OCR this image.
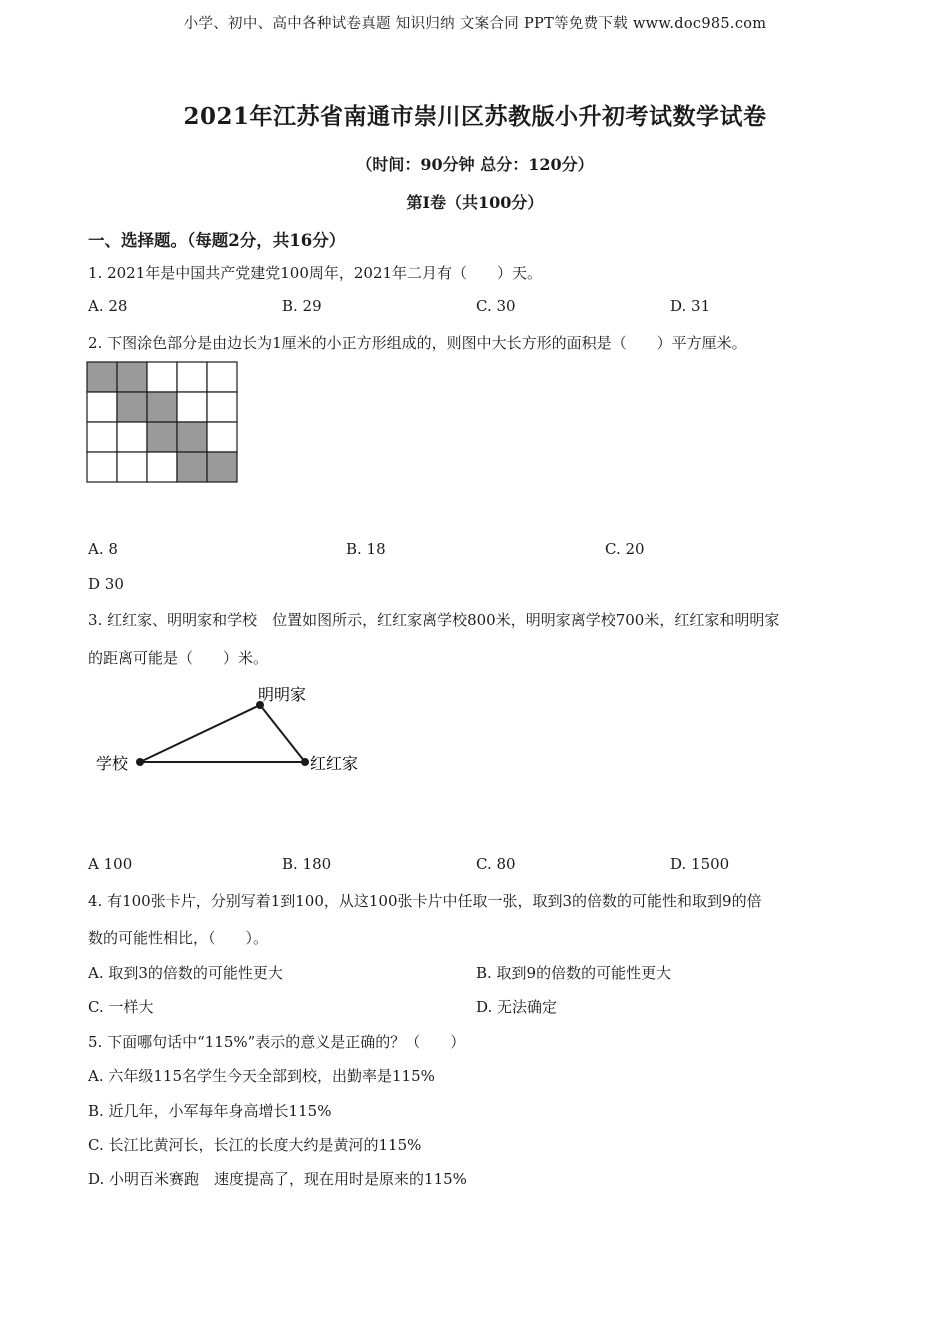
小学、初中、高中各种试卷真题 知识归纳 文案合同 PPT等免费下载 www.doc985.com
2021年江苏省南通市崇川区苏教版小升初考试数学试卷
（时间：90分钟 总分：120分）
第I卷（共100分）
一、选择题。（每题2分，共16分）
1. 2021年是中国共产党建党100周年，2021年二月有（　　）天。
A. 28	B. 29	C. 30	D. 31
2. 下图涂色部分是由边长为1厘米的小正方形组成的，则图中大长方形的面积是（　　）平方厘米。
A. 8	B. 18	C. 20
D 30
3. 红红家、明明家和学校　位置如图所示，红红家离学校800米，明明家离学校700米，红红家和明明家
的距离可能是（　　）米。
明明家
学校	红红家
A 100	B. 180	C. 80	D. 1500
4. 有100张卡片，分别写着1到100，从这100张卡片中任取一张，取到3的倍数的可能性和取到9的倍
数的可能性相比，（　　）。
A. 取到3的倍数的可能性更大	B. 取到9的倍数的可能性更大
C. 一样大	D. 无法确定
5. 下面哪句话中“115%”表示的意义是正确的？（　　）
A. 六年级115名学生今天全部到校，出勤率是115%
B. 近几年，小军每年身高增长115%
C. 长江比黄河长，长江的长度大约是黄河的115%
D. 小明百米赛跑　速度提高了，现在用时是原来的115%
